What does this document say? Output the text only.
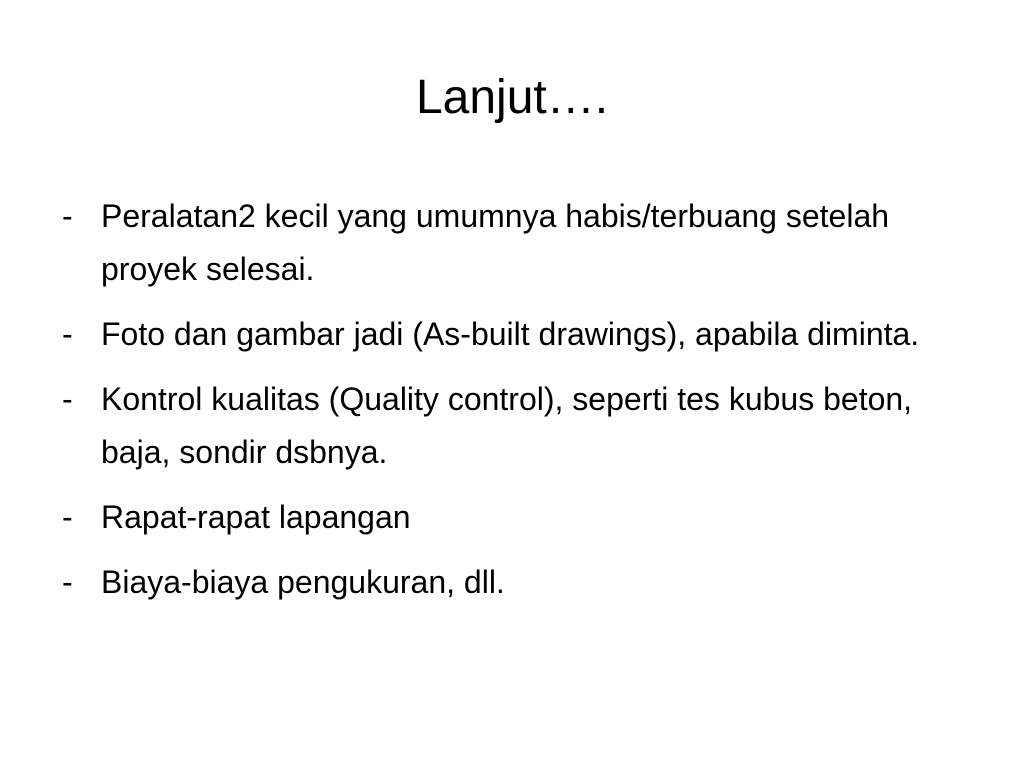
Lanjut….
- Peralatan2 kecil yang umumnya habis/terbuang setelah proyek selesai.
- Foto dan gambar jadi (As-built drawings), apabila diminta.
- Kontrol kualitas (Quality control), seperti tes kubus beton, baja, sondir dsbnya.
- Rapat-rapat lapangan
- Biaya-biaya pengukuran, dll.
